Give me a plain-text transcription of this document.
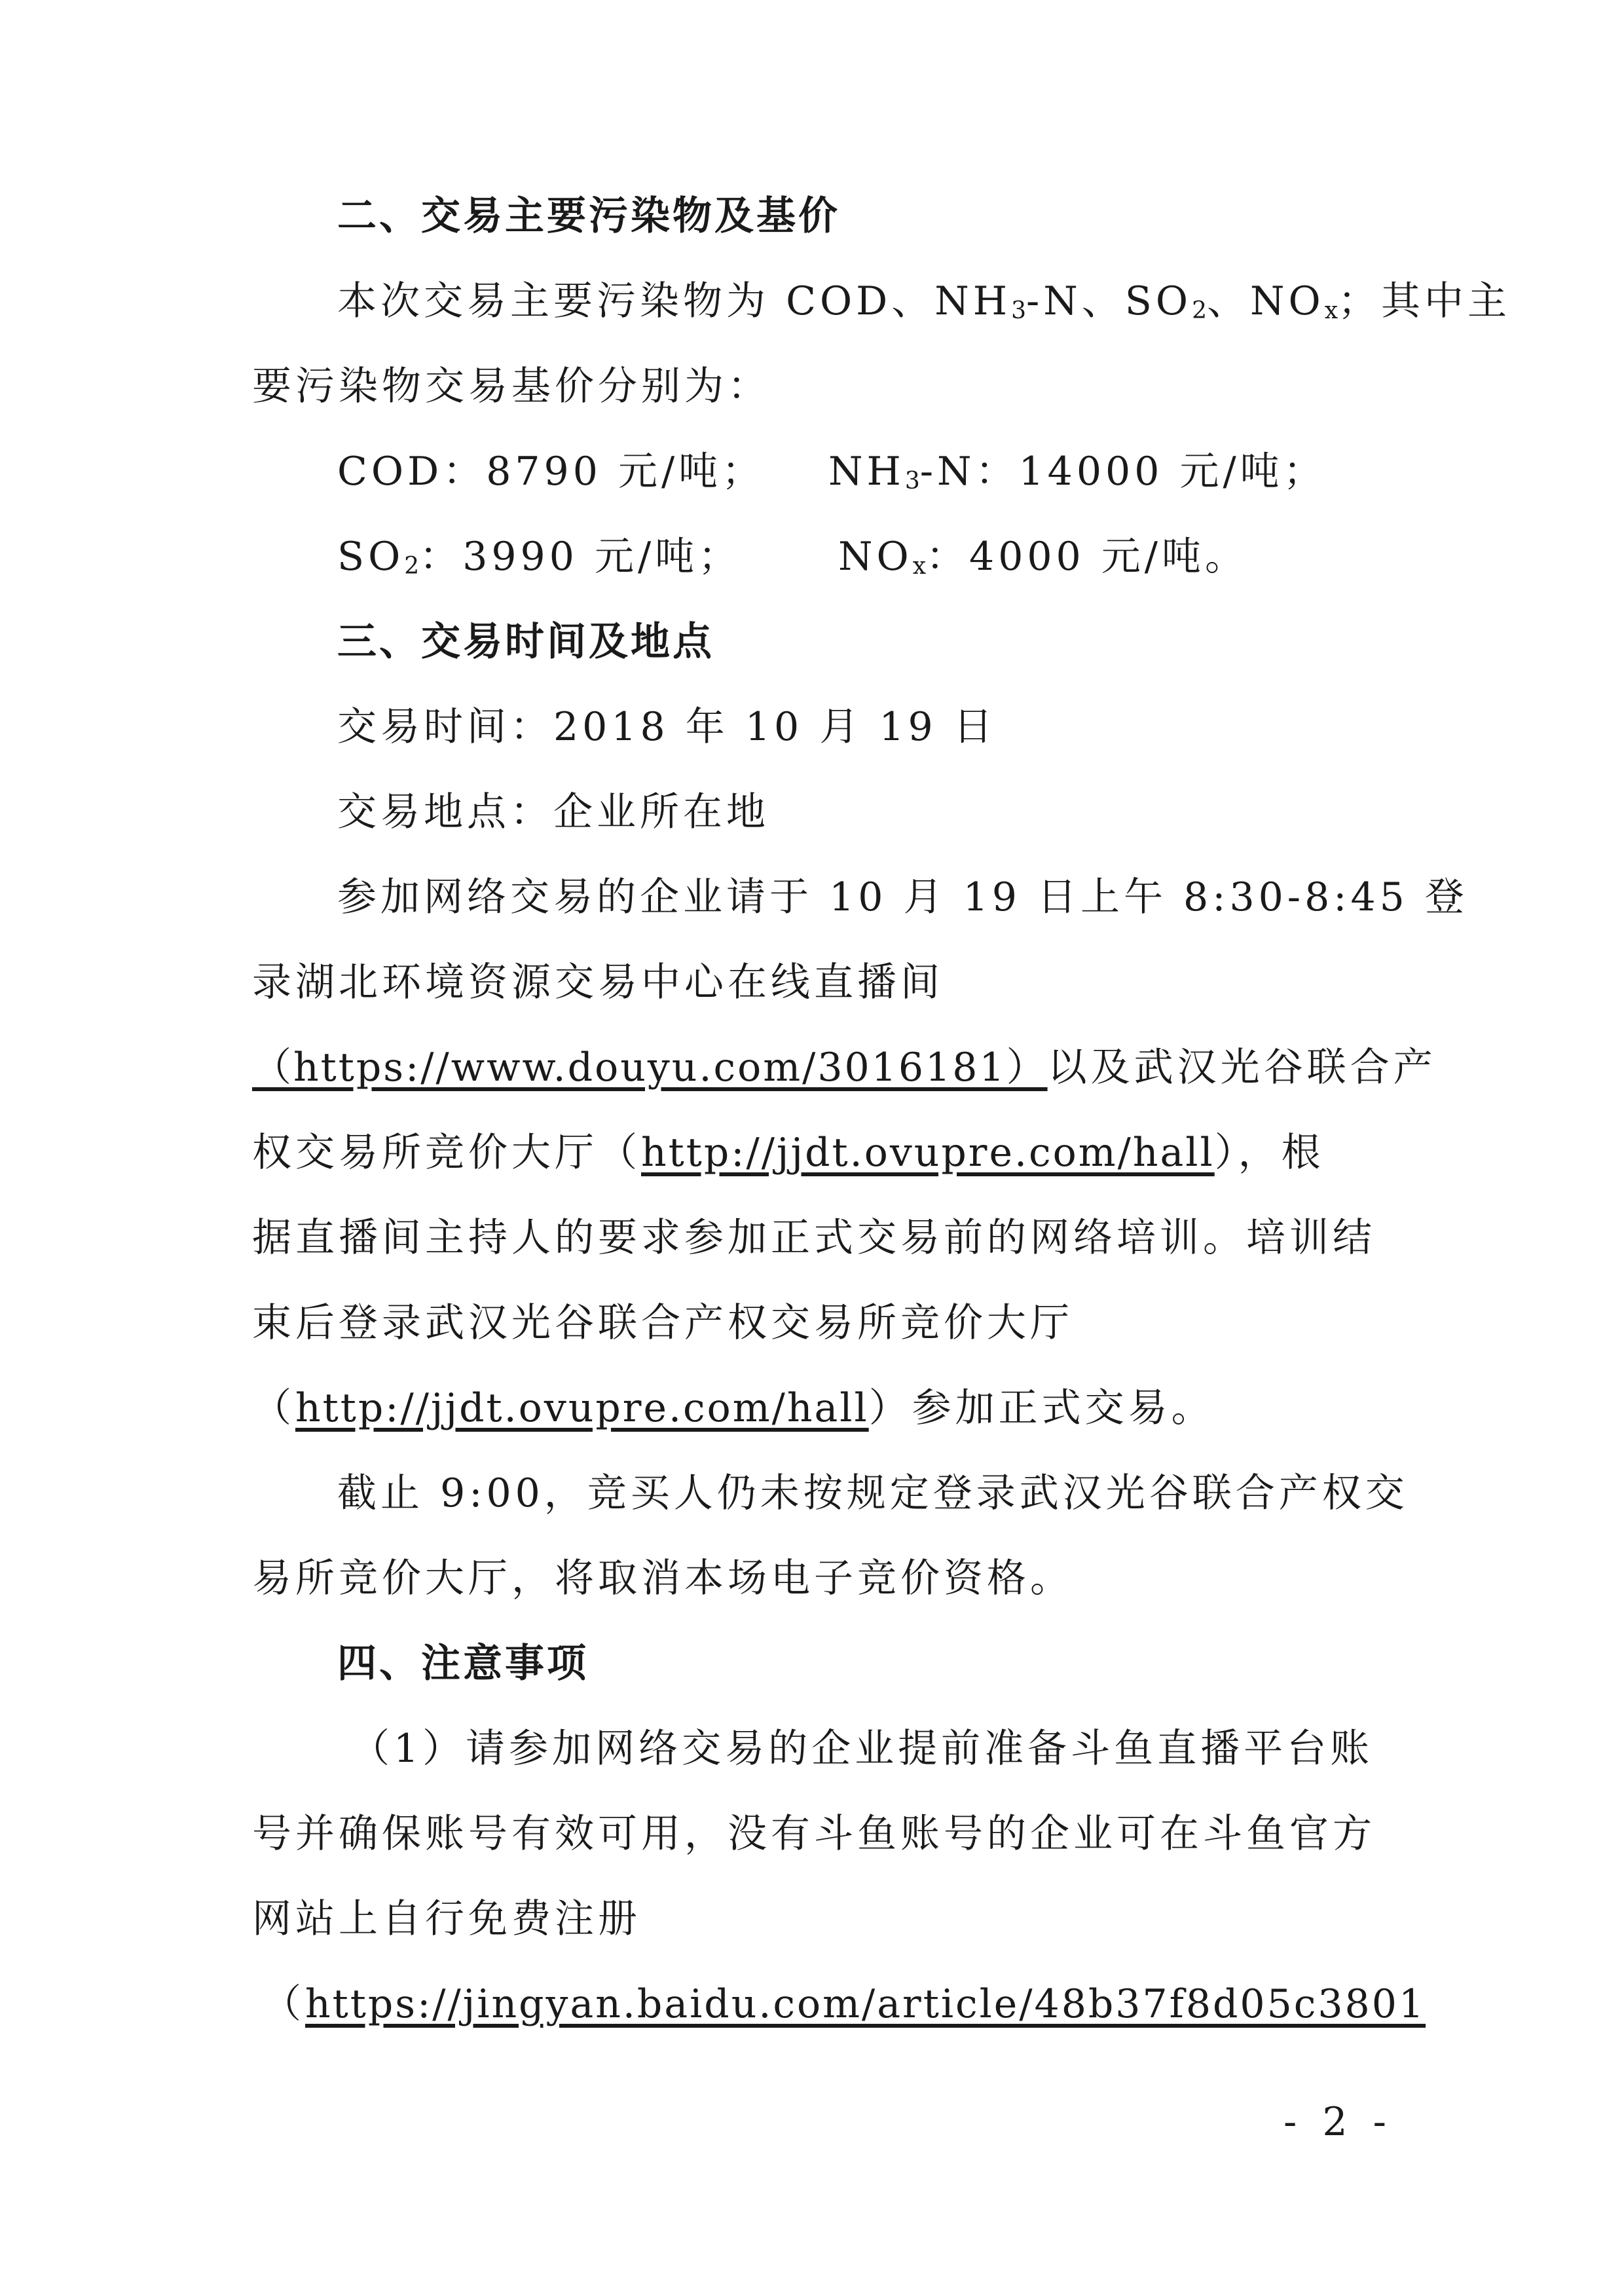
二、交易主要污染物及基价
本次交易主要污染物为 COD、$NH_3-N$、$SO_2$、$NO_x$；其中主
要污染物交易基价分别为：
COD：8790 元/吨；	$NH_3-N$：14000 元/吨；
$SO_2$：3990 元/吨；	$NO_x$：4000 元/吨。
三、交易时间及地点
交易时间：2018 年 10 月 19 日
交易地点：企业所在地
参加网络交易的企业请于 10 月 19 日上午 8:30-8:45 登
录湖北环境资源交易中心在线直播间
（https://www.douyu.com/3016181）以及武汉光谷联合产
权交易所竞价大厅（http://jjdt.ovupre.com/hall），根
据直播间主持人的要求参加正式交易前的网络培训。培训结
束后登录武汉光谷联合产权交易所竞价大厅
（http://jjdt.ovupre.com/hall）参加正式交易。
截止 9:00，竞买人仍未按规定登录武汉光谷联合产权交
易所竞价大厅，将取消本场电子竞价资格。
四、注意事项
（1）请参加网络交易的企业提前准备斗鱼直播平台账
号并确保账号有效可用，没有斗鱼账号的企业可在斗鱼官方
网站上自行免费注册
（https://jingyan.baidu.com/article/48b37f8d05c3801
- 2 -
